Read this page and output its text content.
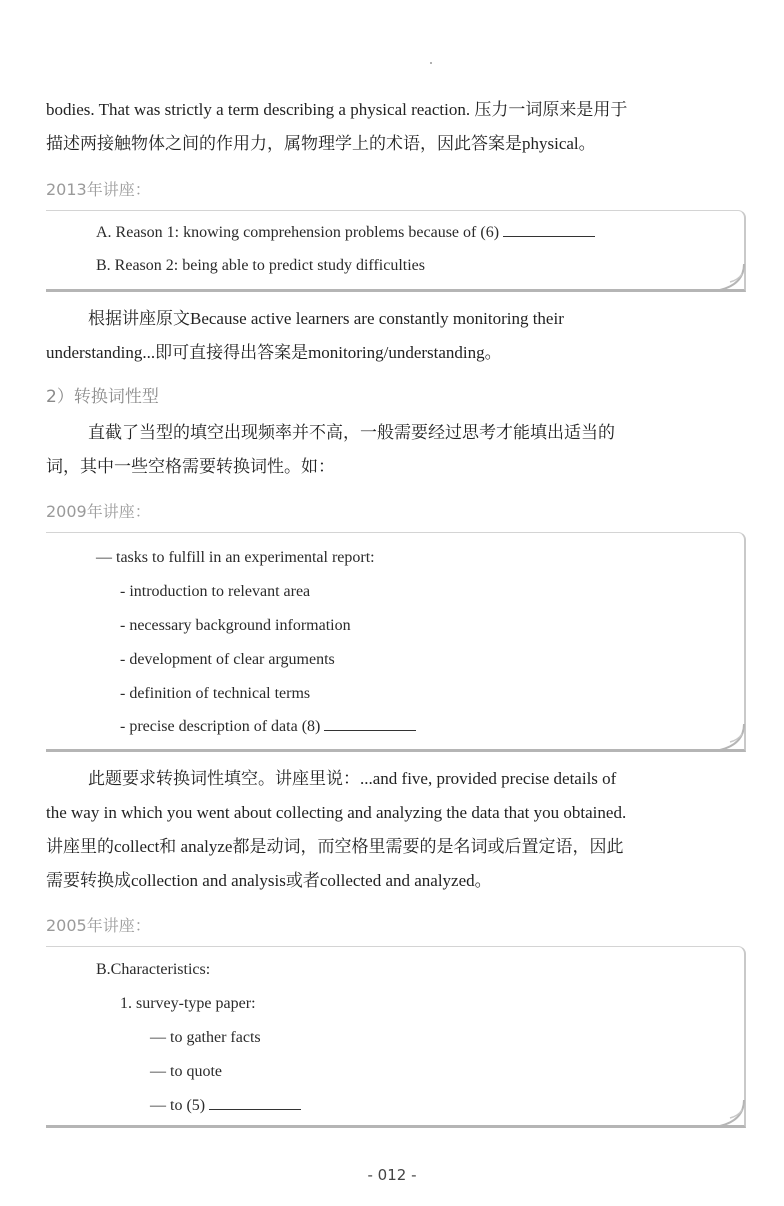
bodies. That was strictly a term describing a physical reaction. 压力一词原来是用于
描述两接触物体之间的作用力，属物理学上的术语，因此答案是physical。

2013年讲座：

A. Reason 1: knowing comprehension problems because of (6)
B. Reason 2: being able to predict study difficulties

根据讲座原文Because active learners are constantly monitoring their
understanding...即可直接得出答案是monitoring/understanding。

2）转换词性型

直截了当型的填空出现频率并不高，一般需要经过思考才能填出适当的
词，其中一些空格需要转换词性。如：

2009年讲座：

— tasks to fulfill in an experimental report:
- introduction to relevant area
- necessary background information
- development of clear arguments
- definition of technical terms
- precise description of data (8)

此题要求转换词性填空。讲座里说：...and five, provided precise details of
the way in which you went about collecting and analyzing the data that you obtained.
讲座里的collect和 analyze都是动词，而空格里需要的是名词或后置定语，因此
需要转换成collection and analysis或者collected and analyzed。

2005年讲座：

B.Characteristics:
1. survey-type paper:
— to gather facts
— to quote
— to (5)
- 012 -
